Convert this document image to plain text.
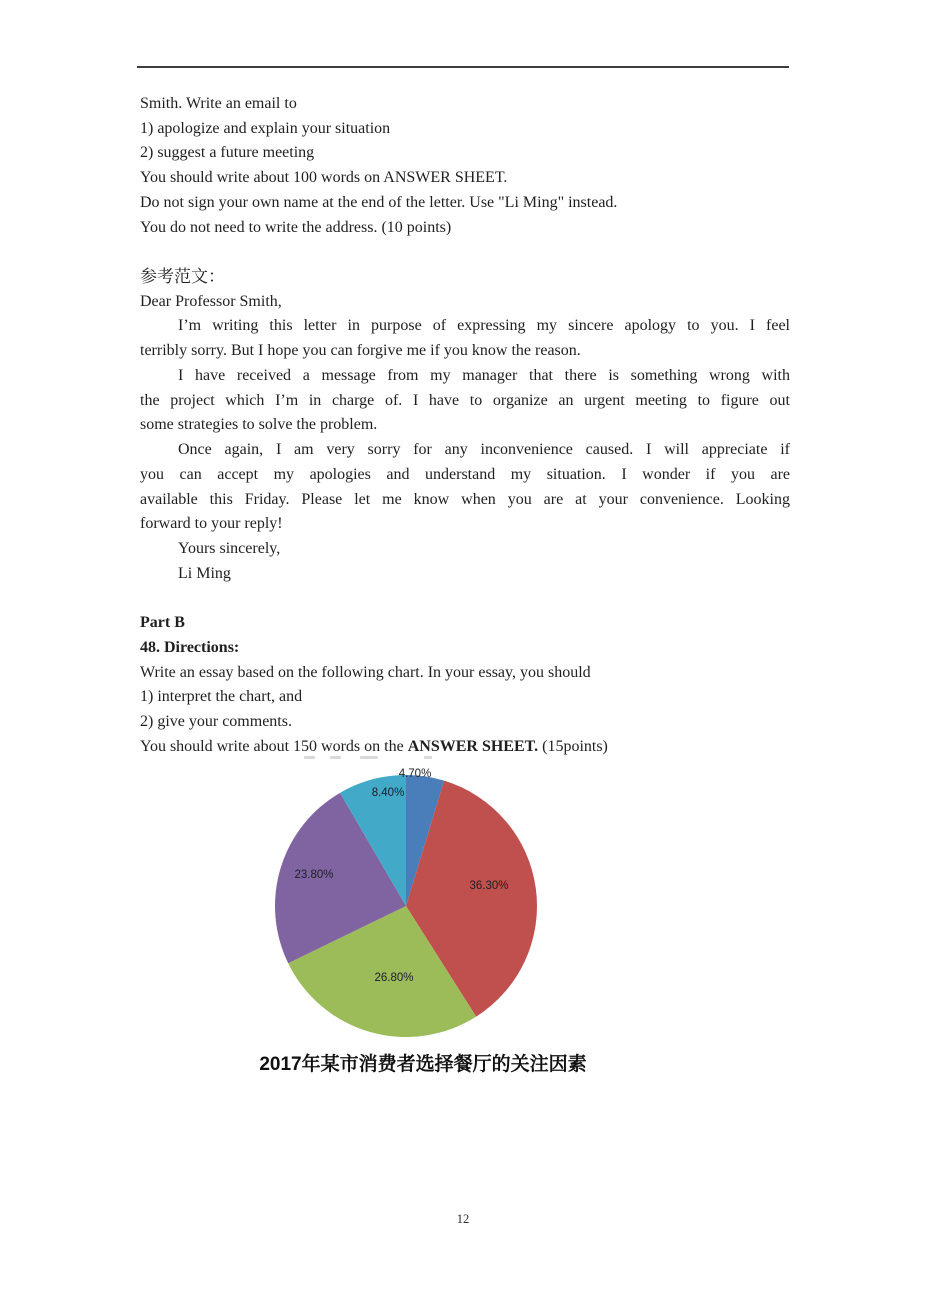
Smith. Write an email to
1) apologize and explain your situation
2) suggest a future meeting
You should write about 100 words on ANSWER SHEET.
Do not sign your own name at the end of the letter. Use "Li Ming" instead.
You do not need to write the address. (10 points)
参考范文：
Dear Professor Smith,
I’m writing this letter in purpose of expressing my sincere apology to you. I feel
terribly sorry. But I hope you can forgive me if you know the reason.
I have received a message from my manager that there is something wrong with
the project which I’m in charge of. I have to organize an urgent meeting to figure out
some strategies to solve the problem.
Once again, I am very sorry for any inconvenience caused. I will appreciate if
you can accept my apologies and understand my situation. I wonder if you are
available this Friday. Please let me know when you are at your convenience. Looking
forward to your reply!
Yours sincerely,
Li Ming
Part B
48. Directions:
Write an essay based on the following chart. In your essay, you should
1) interpret the chart, and
2) give your comments.
You should write about 150 words on the ANSWER SHEET. (15points)
4.70%
36.30%
26.80%
23.80%
8.40%
2017年某市消费者选择餐厅的关注因素
12
